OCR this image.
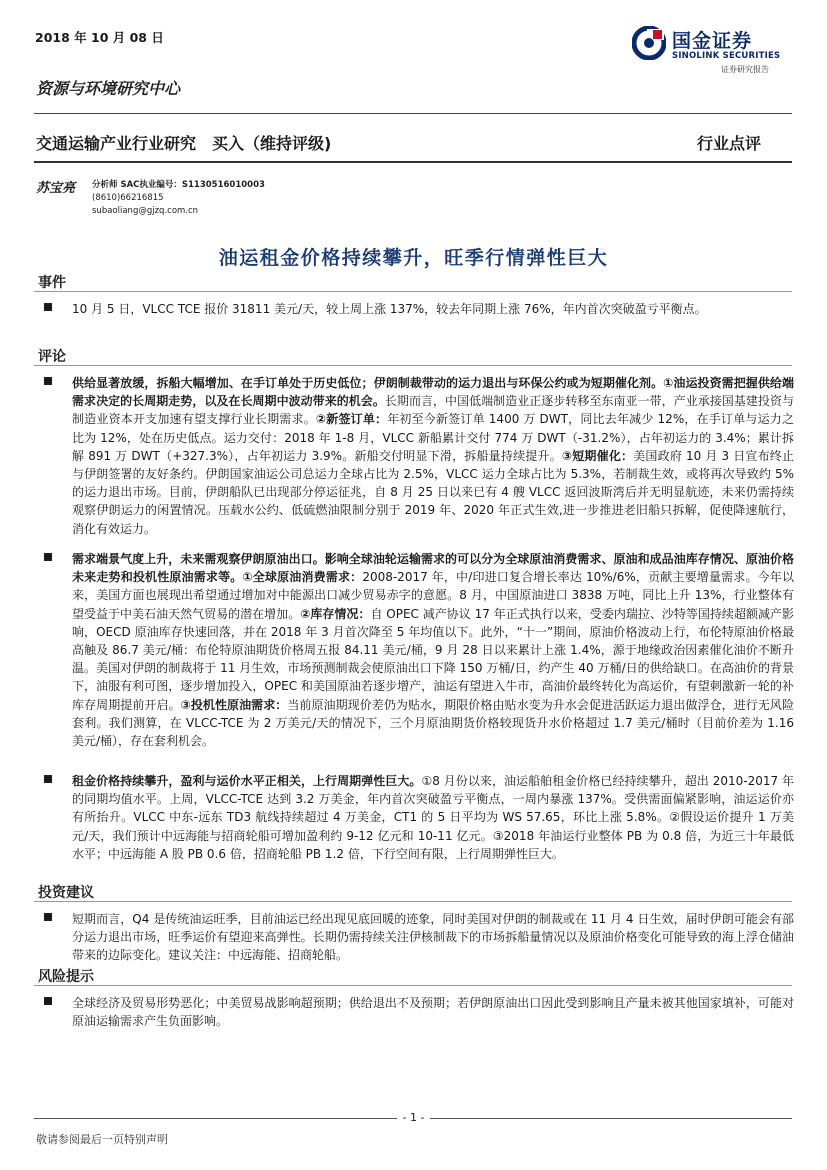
2018 年 10 月 08 日	国金证券
SINOLINK SECURITIES
证券研究报告
资源与环境研究中心
交通运输产业行业研究 买入（维持评级)	行业点评
苏宝亮 分析师 SAC执业编号：S1130516010003
(8610)66216815
subaoliang@gjzq.com.cn
油运租金价格持续攀升，旺季行情弹性巨大
事件

10 月 5 日，VLCC TCE 报价 31811 美元/天，较上周上涨 137%，较去年同期上涨 76%，年内首次突破盈亏平衡点。

评论

供给显著放缓，拆船大幅增加、在手订单处于历史低位；伊朗制裁带动的运力退出与环保公约或为短期催化剂。①油运投资需把握供给端需求决定的长周期走势，以及在长周期中波动带来的机会。长期而言，中国低端制造业正逐步转移至东南亚一带，产业承接国基建投资与制造业资本开支加速有望支撑行业长期需求。②新签订单：年初至今新签订单 1400 万 DWT，同比去年减少 12%，在手订单与运力之比为 12%，处在历史低点。运力交付：2018 年 1-8 月，VLCC 新船累计交付 774 万 DWT（-31.2%），占年初运力的 3.4%；累计拆解 891 万 DWT（+327.3%），占年初运力 3.9%。新船交付明显下滑，拆船量持续提升。③短期催化：美国政府 10 月 3 日宣布终止与伊朗签署的友好条约。伊朗国家油运公司总运力全球占比为 2.5%，VLCC 运力全球占比为 5.3%，若制裁生效，或将再次导致约 5%的运力退出市场。目前，伊朗船队已出现部分停运征兆，自 8 月 25 日以来已有 4 艘 VLCC 返回波斯湾后并无明显航迹，未来仍需持续观察伊朗运力的闲置情况。压载水公约、低硫燃油限制分别于 2019 年、2020 年正式生效,进一步推进老旧船只拆解，促使降速航行，消化有效运力。

需求端景气度上升，未来需观察伊朗原油出口。影响全球油轮运输需求的可以分为全球原油消费需求、原油和成品油库存情况、原油价格未来走势和投机性原油需求等。①全球原油消费需求：2008-2017 年，中/印进口复合增长率达 10%/6%，贡献主要增量需求。今年以来，美国方面也展现出希望通过增加对中能源出口减少贸易赤字的意愿。8 月，中国原油进口 3838 万吨，同比上升 13%，行业整体有望受益于中美石油天然气贸易的潜在增加。②库存情况：自 OPEC 减产协议 17 年正式执行以来，受委内瑞拉、沙特等国持续超额减产影响，OECD 原油库存快速回落，并在 2018 年 3 月首次降至 5 年均值以下。此外，“十一”期间，原油价格波动上行，布伦特原油价格最高触及 86.7 美元/桶：布伦特原油期货价格周五报 84.11 美元/桶，9 月 28 日以来累计上涨 1.4%，源于地缘政治因素催化油价不断升温。美国对伊朗的制裁将于 11 月生效，市场预测制裁会使原油出口下降 150 万桶/日，约产生 40 万桶/日的供给缺口。在高油价的背景下，油服有利可图，逐步增加投入，OPEC 和美国原油若逐步增产，油运有望进入牛市，高油价最终转化为高运价，有望刺激新一轮的补库存周期提前开启。③投机性原油需求：当前原油期现价差仍为贴水，期限价格由贴水变为升水会促进活跃运力退出做浮仓，进行无风险套利。我们测算，在 VLCC-TCE 为 2 万美元/天的情况下，三个月原油期货价格较现货升水价格超过 1.7 美元/桶时（目前价差为 1.16 美元/桶），存在套利机会。

租金价格持续攀升，盈利与运价水平正相关，上行周期弹性巨大。①8 月份以来，油运船舶租金价格已经持续攀升，超出 2010-2017 年的同期均值水平。上周，VLCC-TCE 达到 3.2 万美金，年内首次突破盈亏平衡点，一周内暴涨 137%。受供需面偏紧影响，油运运价亦有所抬升。VLCC 中东-远东 TD3 航线持续超过 4 万美金，CT1 的 5 日平均为 WS 57.65，环比上涨 5.8%。②假设运价提升 1 万美元/天，我们预计中远海能与招商轮船可增加盈利约 9-12 亿元和 10-11 亿元。③2018 年油运行业整体 PB 为 0.8 倍，为近三十年最低水平；中远海能 A 股 PB 0.6 倍，招商轮船 PB 1.2 倍，下行空间有限，上行周期弹性巨大。

投资建议

短期而言，Q4 是传统油运旺季，目前油运已经出现见底回暖的迹象，同时美国对伊朗的制裁或在 11 月 4 日生效，届时伊朗可能会有部分运力退出市场，旺季运价有望迎来高弹性。长期仍需持续关注伊核制裁下的市场拆船量情况以及原油价格变化可能导致的海上浮仓储油带来的边际变化。建议关注：中远海能、招商轮船。

风险提示

全球经济及贸易形势恶化；中美贸易战影响超预期；供给退出不及预期；若伊朗原油出口因此受到影响且产量未被其他国家填补，可能对原油运输需求产生负面影响。

- 1 -
敬请参阅最后一页特别声明
